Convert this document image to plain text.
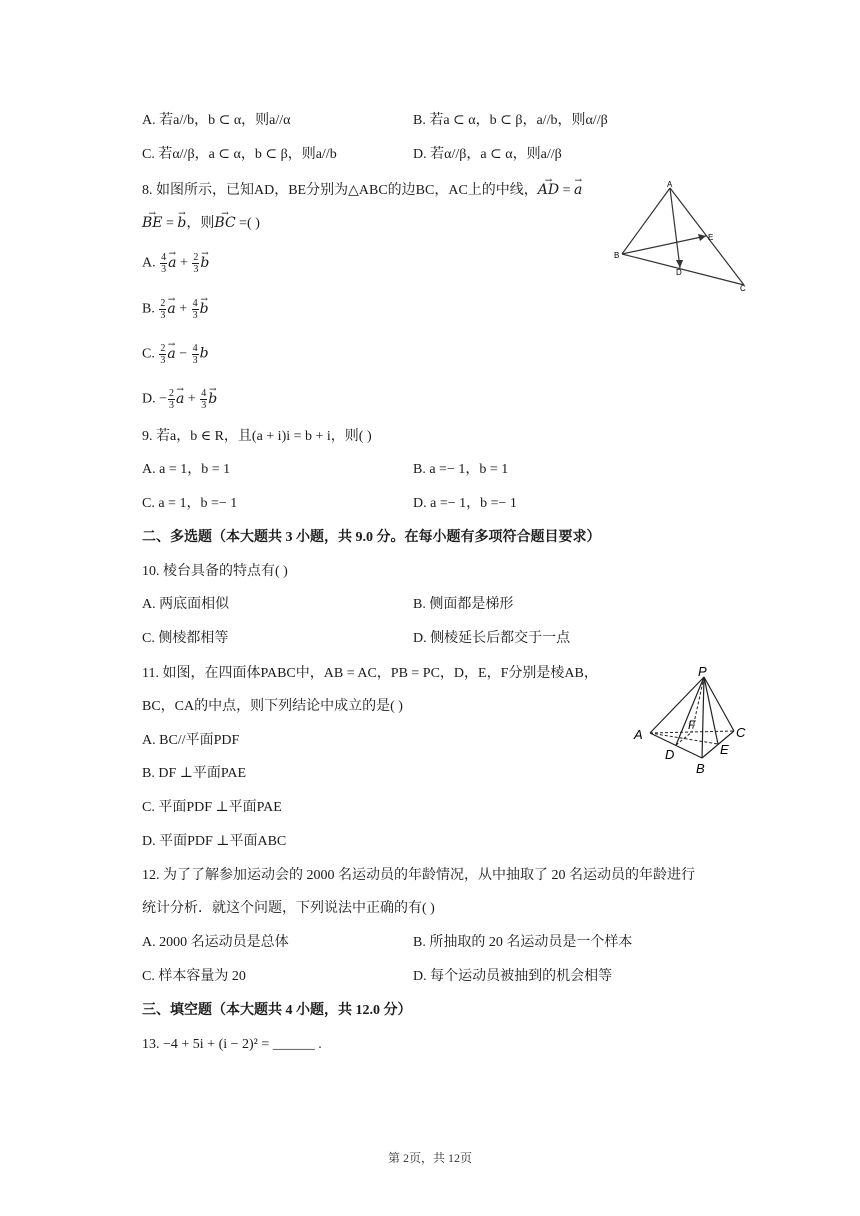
A. 若a//b，b ⊂ α，则a//α	B. 若a ⊂ α，b ⊂ β，a//b，则α//β
C. 若α//β，a ⊂ α，b ⊂ β，则a//b	D. 若α//β，a ⊂ α，则a//β
8. 如图所示，已知AD，BE分别为△ABC的边BC，AC上的中线，→ AD = → a
→ BE = → b，则→ BC =( )
A. $\frac{4}{3}$
→ $a + \frac{2}{3}$
→ b
B. $\frac{2}{3}$
→ $a + \frac{4}{3}$
→ b
C. $\frac{2}{3}$
→ $a - \frac{4}{3}$ b
D. − $\frac{2}{3}$
→ $a + \frac{4}{3}$
→ b
A
B
C
D
E
9. 若a，b ∈ R，且(a + i)i = b + i，则( )
A. a = 1，b = 1	B. a =− 1，b = 1
C. a = 1，b =− 1	D. a =− 1，b =− 1
二、多选题（本大题共 3 小题，共 9.0 分。在每小题有多项符合题目要求）
10. 棱台具备的特点有( )
A. 两底面相似	B. 侧面都是梯形
C. 侧棱都相等	D. 侧棱延长后都交于一点
11. 如图，在四面体PABC中，AB = AC，PB = PC，D，E，F分别是棱AB，
BC，CA的中点，则下列结论中成立的是( )
A. BC//平面PDF
B. DF ⊥平面PAE
C. 平面PDF ⊥平面PAE
D. 平面PDF ⊥平面ABC
P
A
B
C
D	E
F
12. 为了了解参加运动会的 2000 名运动员的年龄情况，从中抽取了 20 名运动员的年龄进行
统计分析．就这个问题，下列说法中正确的有( )
A. 2000 名运动员是总体	B. 所抽取的 20 名运动员是一个样本
C. 样本容量为 20	D. 每个运动员被抽到的机会相等
三、填空题（本大题共 4 小题，共 12.0 分）
13. −4 + 5i + (i − 2)² = ______ .
第 2页，共 12页
